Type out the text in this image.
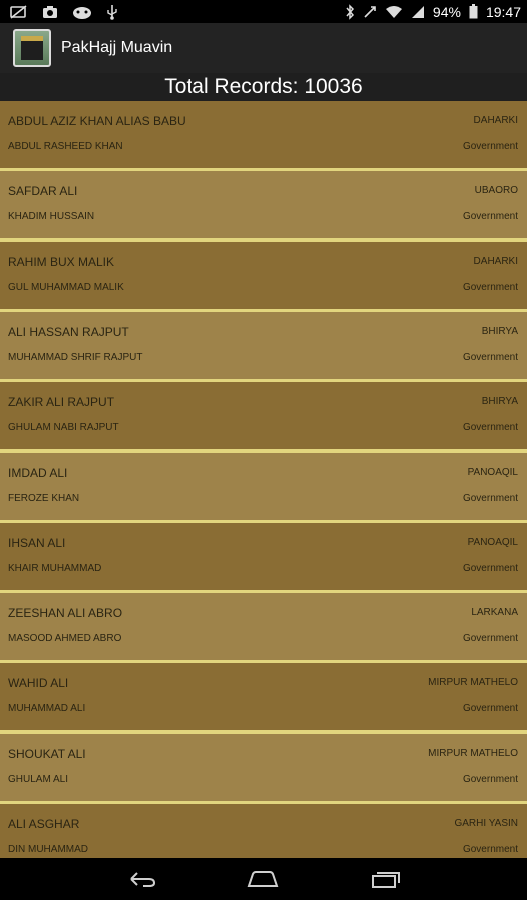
94% 19:47
PakHajj Muavin
Total Records: 10036
ABDUL AZIZ KHAN ALIAS BABU	DAHARKI
ABDUL RASHEED KHAN	Government
SAFDAR ALI	UBAORO
KHADIM HUSSAIN	Government
RAHIM BUX MALIK	DAHARKI
GUL MUHAMMAD MALIK	Government
ALI HASSAN RAJPUT	BHIRYA
MUHAMMAD SHRIF RAJPUT	Government
ZAKIR ALI RAJPUT	BHIRYA
GHULAM NABI RAJPUT	Government
IMDAD ALI	PANOAQIL
FEROZE KHAN	Government
IHSAN ALI	PANOAQIL
KHAIR MUHAMMAD	Government
ZEESHAN ALI ABRO	LARKANA
MASOOD AHMED ABRO	Government
WAHID ALI	MIRPUR MATHELO
MUHAMMAD ALI	Government
SHOUKAT ALI	MIRPUR MATHELO
GHULAM ALI	Government
ALI ASGHAR	GARHI YASIN
DIN MUHAMMAD	Government
